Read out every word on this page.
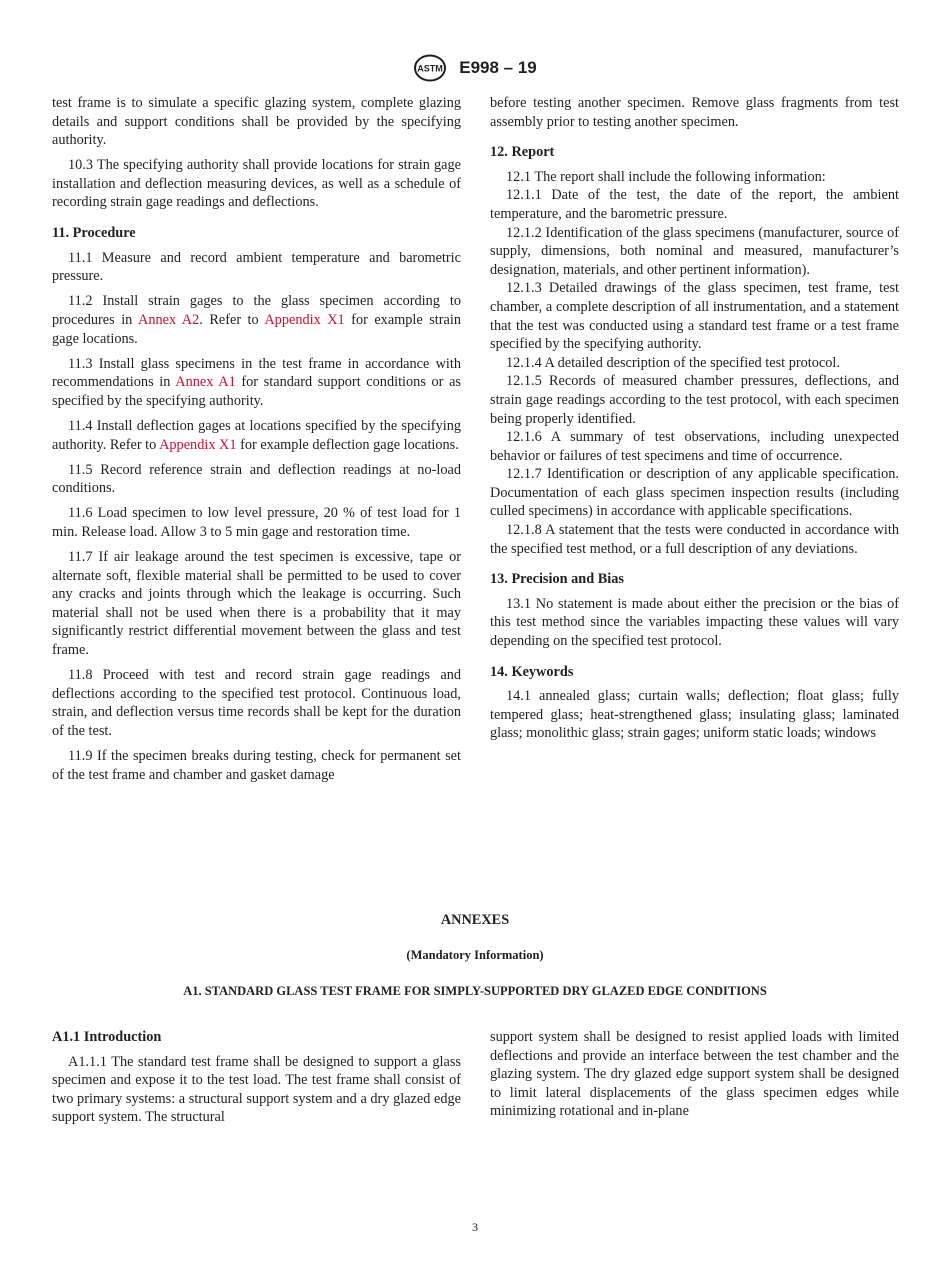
ASTM E998 – 19

test frame is to simulate a specific glazing system, complete glazing details and support conditions shall be provided by the specifying authority.

10.3 The specifying authority shall provide locations for strain gage installation and deflection measuring devices, as well as a schedule of recording strain gage readings and deflections.

11. Procedure

11.1 Measure and record ambient temperature and barometric pressure.

11.2 Install strain gages to the glass specimen according to procedures in Annex A2. Refer to Appendix X1 for example strain gage locations.

11.3 Install glass specimens in the test frame in accordance with recommendations in Annex A1 for standard support conditions or as specified by the specifying authority.

11.4 Install deflection gages at locations specified by the specifying authority. Refer to Appendix X1 for example deflection gage locations.

11.5 Record reference strain and deflection readings at no-load conditions.

11.6 Load specimen to low level pressure, 20 % of test load for 1 min. Release load. Allow 3 to 5 min gage and restoration time.

11.7 If air leakage around the test specimen is excessive, tape or alternate soft, flexible material shall be permitted to be used to cover any cracks and joints through which the leakage is occurring. Such material shall not be used when there is a probability that it may significantly restrict differential movement between the glass and test frame.

11.8 Proceed with test and record strain gage readings and deflections according to the specified test protocol. Continuous load, strain, and deflection versus time records shall be kept for the duration of the test.

11.9 If the specimen breaks during testing, check for permanent set of the test frame and chamber and gasket damage

before testing another specimen. Remove glass fragments from test assembly prior to testing another specimen.

12. Report

12.1 The report shall include the following information:

12.1.1 Date of the test, the date of the report, the ambient temperature, and the barometric pressure.

12.1.2 Identification of the glass specimens (manufacturer, source of supply, dimensions, both nominal and measured, manufacturer’s designation, materials, and other pertinent information).

12.1.3 Detailed drawings of the glass specimen, test frame, test chamber, a complete description of all instrumentation, and a statement that the test was conducted using a standard test frame or a test frame specified by the specifying authority.

12.1.4 A detailed description of the specified test protocol.

12.1.5 Records of measured chamber pressures, deflections, and strain gage readings according to the test protocol, with each specimen being properly identified.

12.1.6 A summary of test observations, including unexpected behavior or failures of test specimens and time of occurrence.

12.1.7 Identification or description of any applicable specification. Documentation of each glass specimen inspection results (including culled specimens) in accordance with applicable specifications.

12.1.8 A statement that the tests were conducted in accordance with the specified test method, or a full description of any deviations.

13. Precision and Bias

13.1 No statement is made about either the precision or the bias of this test method since the variables impacting these values will vary depending on the specified test protocol.

14. Keywords

14.1 annealed glass; curtain walls; deflection; float glass; fully tempered glass; heat-strengthened glass; insulating glass; laminated glass; monolithic glass; strain gages; uniform static loads; windows

ANNEXES
(Mandatory Information)
A1. STANDARD GLASS TEST FRAME FOR SIMPLY-SUPPORTED DRY GLAZED EDGE CONDITIONS
A1.1 Introduction

A1.1.1 The standard test frame shall be designed to support a glass specimen and expose it to the test load. The test frame shall consist of two primary systems: a structural support system and a dry glazed edge support system. The structural

support system shall be designed to resist applied loads with limited deflections and provide an interface between the test chamber and the glazing system. The dry glazed edge support system shall be designed to limit lateral displacements of the glass specimen edges while minimizing rotational and in-plane

3
